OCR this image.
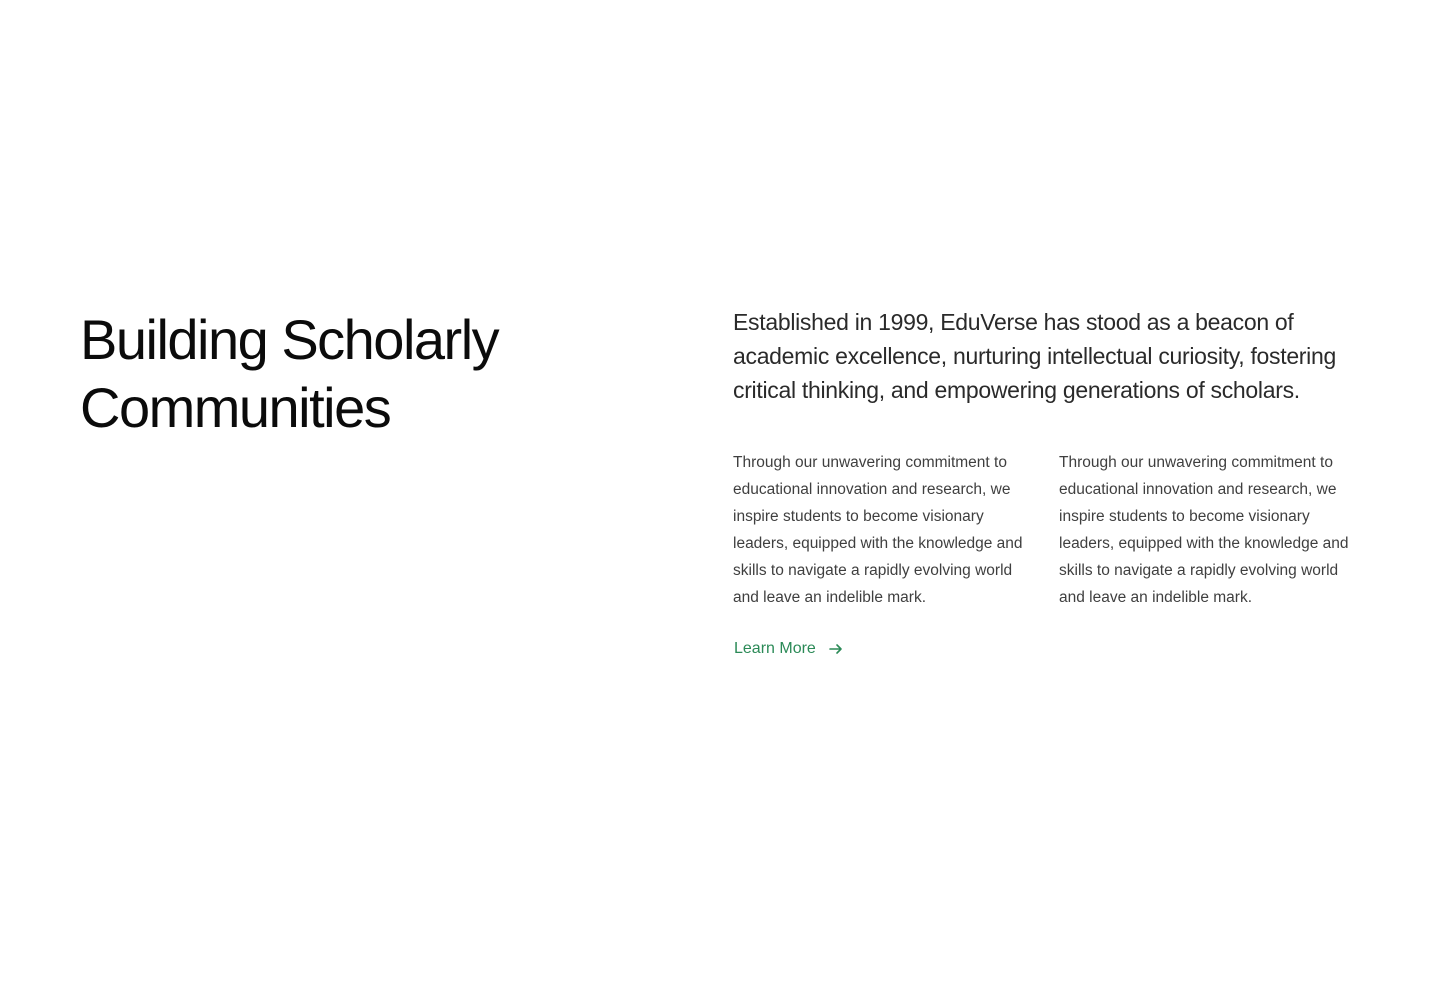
Building Scholarly
Communities

Established in 1999, EduVerse has stood as a beacon of academic excellence, nurturing intellectual curiosity, fostering critical thinking, and empowering generations of scholars.

Through our unwavering commitment to educational innovation and research, we inspire students to become visionary leaders, equipped with the knowledge and skills to navigate a rapidly evolving world and leave an indelible mark.

Through our unwavering commitment to educational innovation and research, we inspire students to become visionary leaders, equipped with the knowledge and skills to navigate a rapidly evolving world and leave an indelible mark.

Learn More
